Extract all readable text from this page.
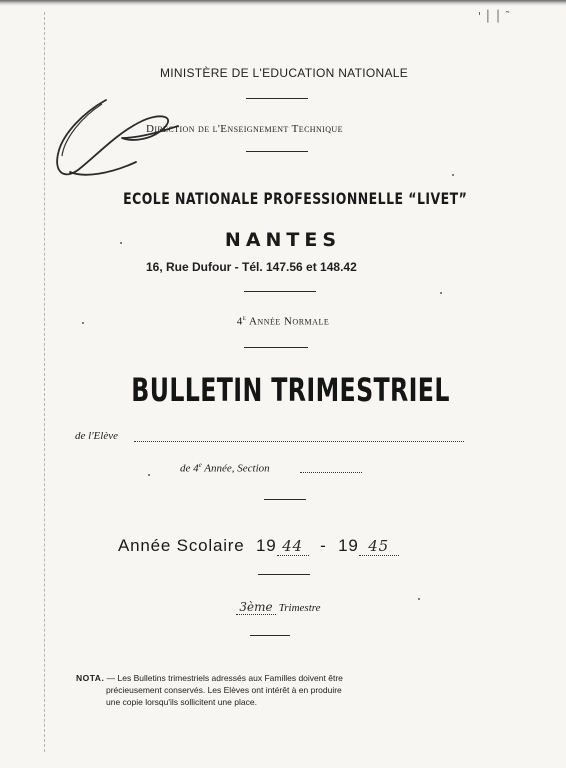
' │ │ ˜
MINISTÈRE DE L'EDUCATION NATIONALE
Direction de l'Enseignement Technique
ECOLE NATIONALE PROFESSIONNELLE “LIVET”
NANTES
16, Rue Dufour - Tél. 147.56 et 148.42
4e Année Normale
BULLETIN TRIMESTRIEL
de l'Elève
de 4e Année, Section
Année Scolaire 19 44 - 19 45
3ème Trimestre
NOTA. — Les Bulletins trimestriels adressés aux Familles doivent être
précieusement conservés. Les Elèves ont intérêt à en produire
une copie lorsqu'ils sollicitent une place.
